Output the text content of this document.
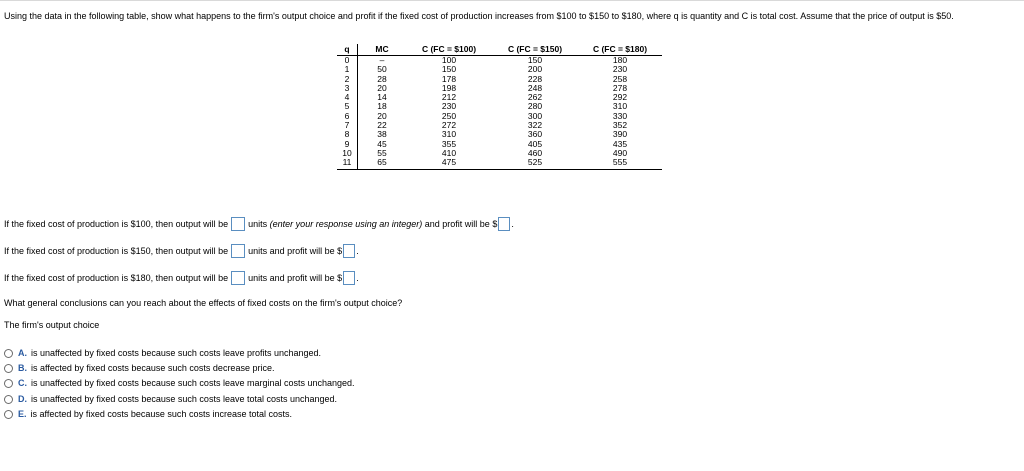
Using the data in the following table, show what happens to the firm's output choice and profit if the fixed cost of production increases from $100 to $150 to $180, where q is quantity and C is total cost. Assume that the price of output is $50.
q	MC	C (FC = $100)	C (FC = $150)	C (FC = $180)
0	–	100	150	180
1	50	150	200	230
2	28	178	228	258
3	20	198	248	278
4	14	212	262	292
5	18	230	280	310
6	20	250	300	330
7	22	272	322	352
8	38	310	360	390
9	45	355	405	435
10	55	410	460	490
11	65	475	525	555
If the fixed cost of production is $100, then output will be units
(enter your response using an integer)
and profit will be $ .
If the fixed cost of production is $150, then output will be units and profit will be $ .
If the fixed cost of production is $180, then output will be units and profit will be $ .
What general conclusions can you reach about the effects of fixed costs on the firm's output choice?
The firm's output choice
A. is unaffected by fixed costs because such costs leave profits unchanged.
B. is affected by fixed costs because such costs decrease price.
C. is unaffected by fixed costs because such costs leave marginal costs unchanged.
D. is unaffected by fixed costs because such costs leave total costs unchanged.
E. is affected by fixed costs because such costs increase total costs.
